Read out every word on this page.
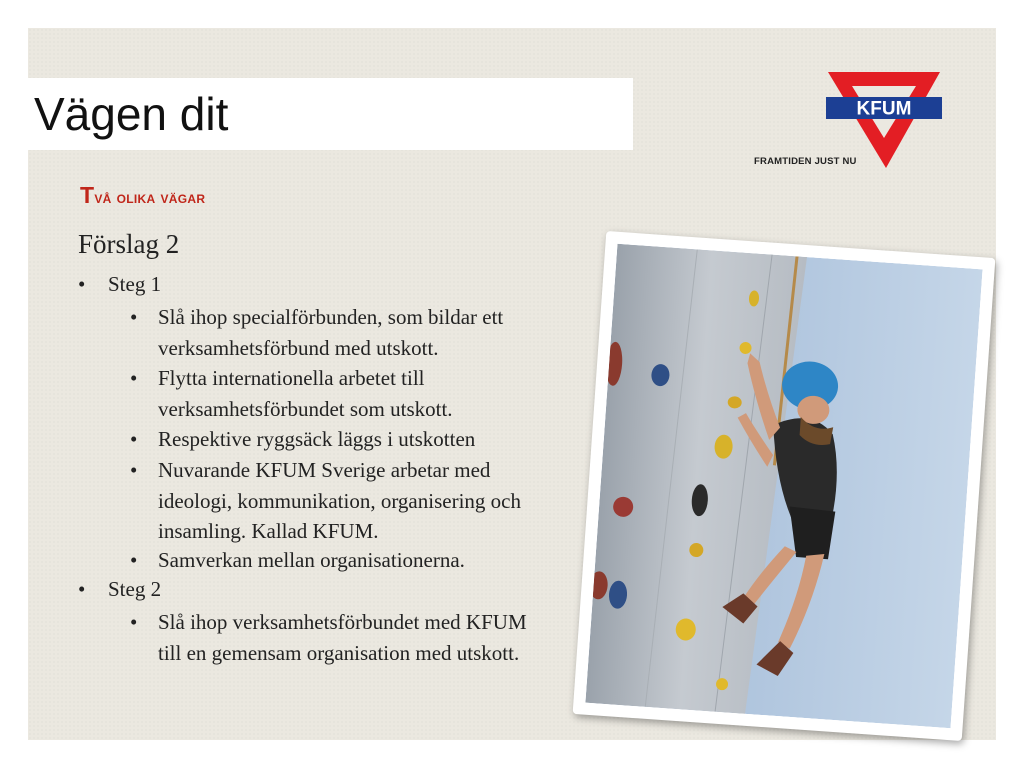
Vägen dit	KFUM
FRAMTIDEN JUST NU
Två olika vägar
Förslag 2
• Steg 1
• Slå ihop specialförbunden, som bildar ett
verksamhetsförbund med utskott.
• Flytta internationella arbetet till
verksamhetsförbundet som utskott.
• Respektive ryggsäck läggs i utskotten
• Nuvarande KFUM Sverige arbetar med
ideologi, kommunikation, organisering och
insamling. Kallad KFUM.
• Samverkan mellan organisationerna.
• Steg 2
• Slå ihop verksamhetsförbundet med KFUM
till en gemensam organisation med utskott.
